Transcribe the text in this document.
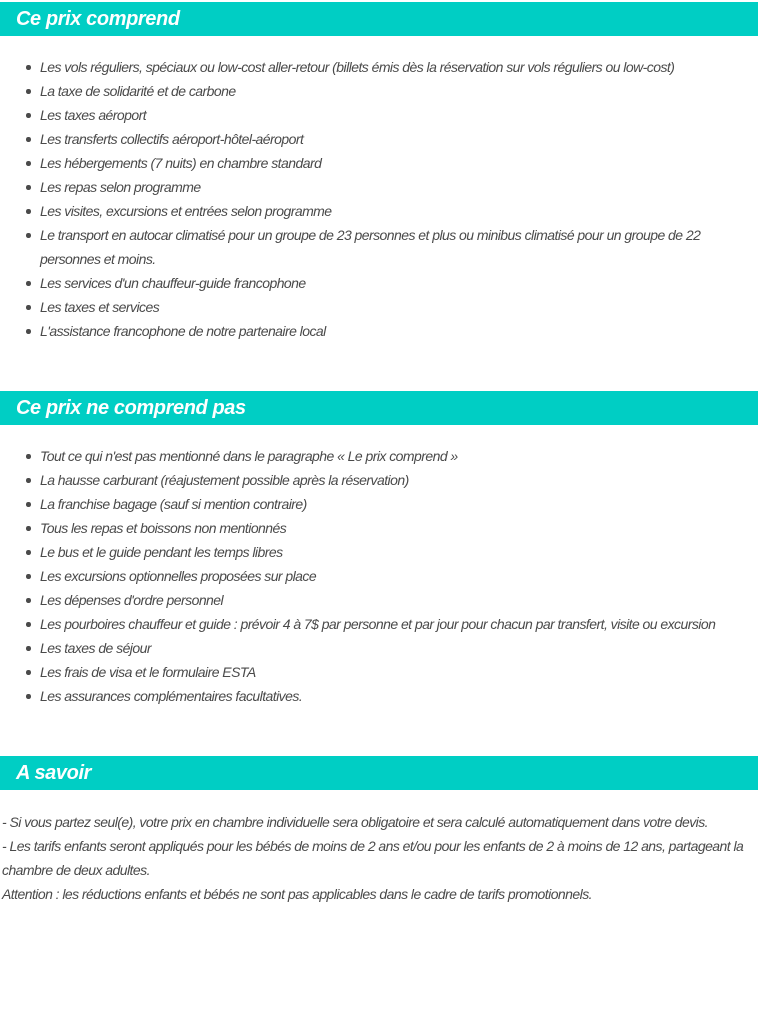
Ce prix comprend
Les vols réguliers, spéciaux ou low-cost aller-retour (billets émis dès la réservation sur vols réguliers ou low-cost)
La taxe de solidarité et de carbone
Les taxes aéroport
Les transferts collectifs aéroport-hôtel-aéroport
Les hébergements (7 nuits) en chambre standard
Les repas selon programme
Les visites, excursions et entrées selon programme
Le transport en autocar climatisé pour un groupe de 23 personnes et plus ou minibus climatisé pour un groupe de 22 personnes et moins.
Les services d'un chauffeur-guide francophone
Les taxes et services
L'assistance francophone de notre partenaire local
Ce prix ne comprend pas
Tout ce qui n'est pas mentionné dans le paragraphe « Le prix comprend »
La hausse carburant (réajustement possible après la réservation)
La franchise bagage (sauf si mention contraire)
Tous les repas et boissons non mentionnés
Le bus et le guide pendant les temps libres
Les excursions optionnelles proposées sur place
Les dépenses d'ordre personnel
Les pourboires chauffeur et guide : prévoir 4 à 7$ par personne et par jour pour chacun par transfert, visite ou excursion
Les taxes de séjour
Les frais de visa et le formulaire ESTA
Les assurances complémentaires facultatives.
A savoir

- Si vous partez seul(e), votre prix en chambre individuelle sera obligatoire et sera calculé automatiquement dans votre devis.

- Les tarifs enfants seront appliqués pour les bébés de moins de 2 ans et/ou pour les enfants de 2 à moins de 12 ans, partageant la chambre de deux adultes.

Attention : les réductions enfants et bébés ne sont pas applicables dans le cadre de tarifs promotionnels.
